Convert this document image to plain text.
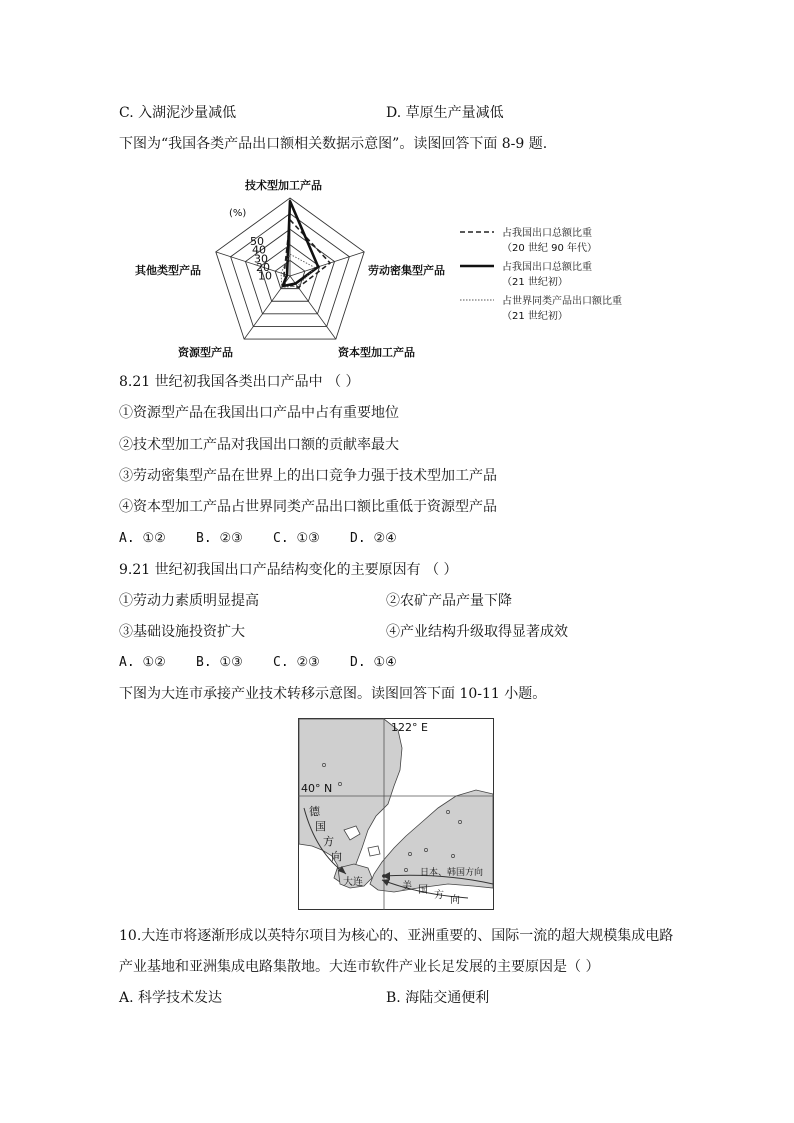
C. 入湖泥沙量减低	D. 草原生产量减低
下图为“我国各类产品出口额相关数据示意图”。读图回答下面 8-9 题.
10
20
30
40
50
(%)
技术型加工产品
劳动密集型产品
资本型加工产品
资源型产品
其他类型产品
占我国出口总额比重
（20 世纪 90 年代）
占我国出口总额比重
（21 世纪初）
占世界同类产品出口额比重
（21 世纪初）
8.21 世纪初我国各类出口产品中 （ ）
①资源型产品在我国出口产品中占有重要地位
②技术型加工产品对我国出口额的贡献率最大
③劳动密集型产品在世界上的出口竞争力强于技术型加工产品
④资本型加工产品占世界同类产品出口额比重低于资源型产品
A. ①② B. ②③ C. ①③ D. ②④
9.21 世纪初我国出口产品结构变化的主要原因有 （ ）
①劳动力素质明显提高	②农矿产品产量下降
③基础设施投资扩大	④产业结构升级取得显著成效
A. ①② B. ①③ C. ②③ D. ①④
下图为大连市承接产业技术转移示意图。读图回答下面 10-11 小题。
122° E
40° N
德
国
方
向
大连
日本、韩国方向
美 国 方 向
10.大连市将逐渐形成以英特尔项目为核心的、亚洲重要的、国际一流的超大规模集成电路
产业基地和亚洲集成电路集散地。大连市软件产业长足发展的主要原因是（ ）
A. 科学技术发达	B. 海陆交通便利
